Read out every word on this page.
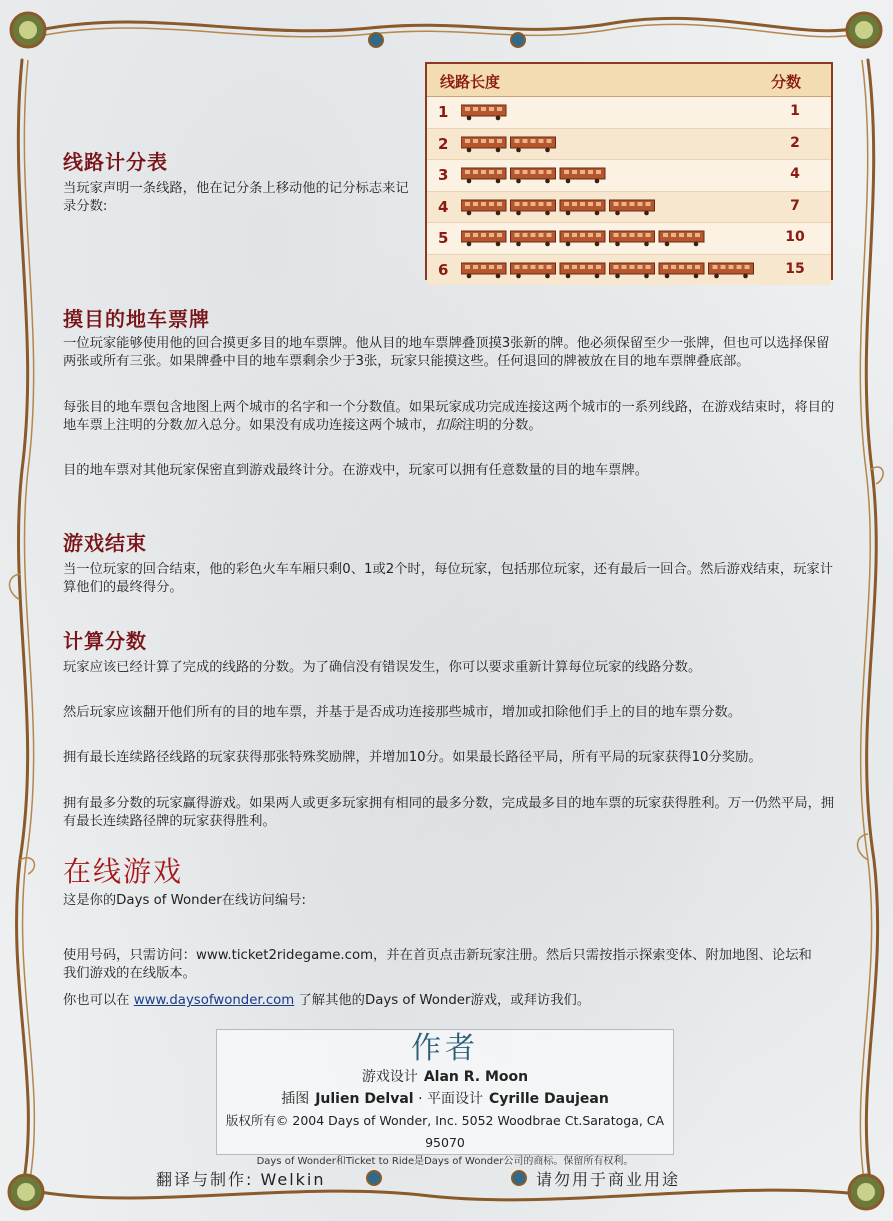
线路计分表

当玩家声明一条线路，他在记分条上移动他的记分标志来记录分数:

线路长度	分数
1	1
2	2
3	4
4	7
5	10
6	15
摸目的地车票牌

一位玩家能够使用他的回合摸更多目的地车票牌。他从目的地车票牌叠顶摸3张新的牌。他必须保留至少一张牌，但也可以选择保留两张或所有三张。如果牌叠中目的地车票剩余少于3张，玩家只能摸这些。任何退回的牌被放在目的地车票牌叠底部。

每张目的地车票包含地图上两个城市的名字和一个分数值。如果玩家成功完成连接这两个城市的一系列线路，在游戏结束时，将目的地车票上注明的分数加入总分。如果没有成功连接这两个城市，扣除注明的分数。

目的地车票对其他玩家保密直到游戏最终计分。在游戏中，玩家可以拥有任意数量的目的地车票牌。

游戏结束

当一位玩家的回合结束，他的彩色火车车厢只剩0、1或2个时，每位玩家，包括那位玩家，还有最后一回合。然后游戏结束，玩家计算他们的最终得分。

计算分数

玩家应该已经计算了完成的线路的分数。为了确信没有错误发生，你可以要求重新计算每位玩家的线路分数。

然后玩家应该翻开他们所有的目的地车票，并基于是否成功连接那些城市，增加或扣除他们手上的目的地车票分数。

拥有最长连续路径线路的玩家获得那张特殊奖励牌，并增加10分。如果最长路径平局，所有平局的玩家获得10分奖励。

拥有最多分数的玩家赢得游戏。如果两人或更多玩家拥有相同的最多分数，完成最多目的地车票的玩家获得胜利。万一仍然平局，拥有最长连续路径牌的玩家获得胜利。

在线游戏

这是你的Days of Wonder在线访问编号:

使用号码，只需访问：www.ticket2ridegame.com，并在首页点击新玩家注册。然后只需按指示探索变体、附加地图、论坛和我们游戏的在线版本。

你也可以在 www.daysofwonder.com 了解其他的Days of Wonder游戏，或拜访我们。

作者
游戏设计 Alan R. Moon
插图 Julien Delval · 平面设计 Cyrille Daujean
版权所有© 2004 Days of Wonder, Inc. 5052 Woodbrae Ct.Saratoga, CA 95070
Days of Wonder和Ticket to Ride是Days of Wonder公司的商标。保留所有权利。
翻译与制作: Welkin	请勿用于商业用途
